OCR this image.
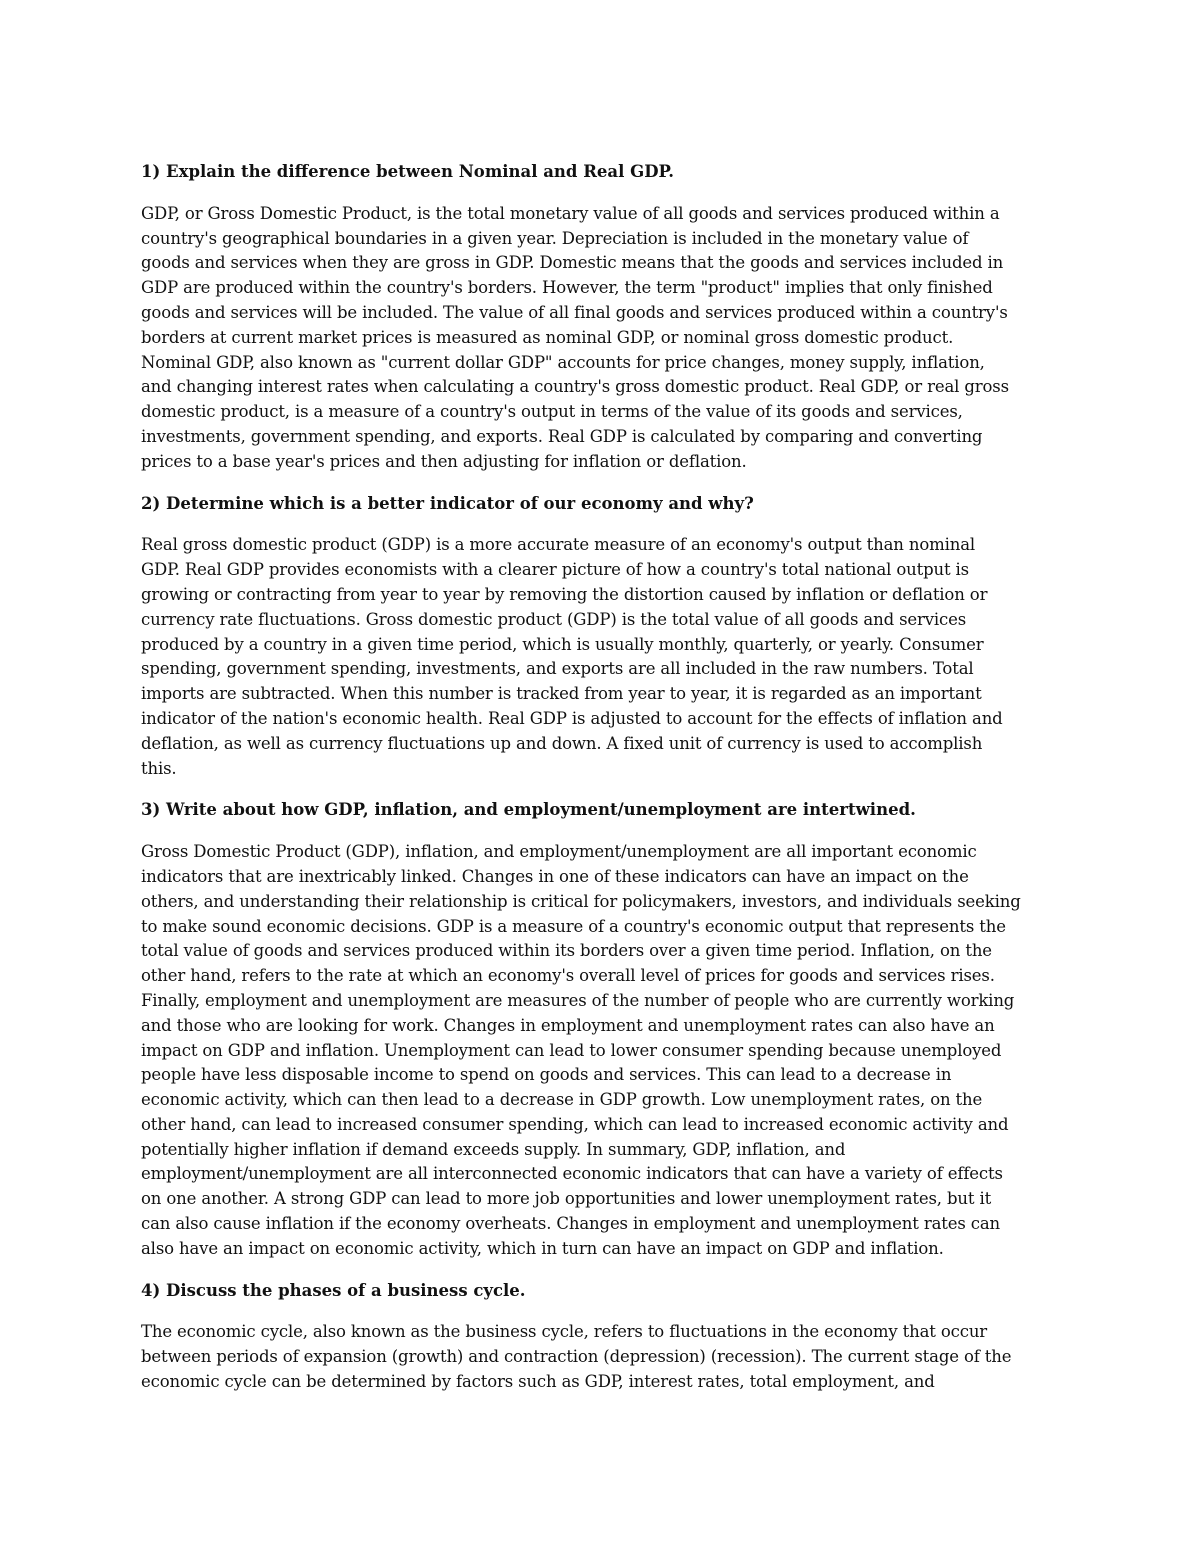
1) Explain the difference between Nominal and Real GDP.
GDP, or Gross Domestic Product, is the total monetary value of all goods and services produced within a
country's geographical boundaries in a given year. Depreciation is included in the monetary value of
goods and services when they are gross in GDP. Domestic means that the goods and services included in
GDP are produced within the country's borders. However, the term "product" implies that only finished
goods and services will be included. The value of all final goods and services produced within a country's
borders at current market prices is measured as nominal GDP, or nominal gross domestic product.
Nominal GDP, also known as "current dollar GDP" accounts for price changes, money supply, inflation,
and changing interest rates when calculating a country's gross domestic product. Real GDP, or real gross
domestic product, is a measure of a country's output in terms of the value of its goods and services,
investments, government spending, and exports. Real GDP is calculated by comparing and converting
prices to a base year's prices and then adjusting for inflation or deflation.
2) Determine which is a better indicator of our economy and why?
Real gross domestic product (GDP) is a more accurate measure of an economy's output than nominal
GDP. Real GDP provides economists with a clearer picture of how a country's total national output is
growing or contracting from year to year by removing the distortion caused by inflation or deflation or
currency rate fluctuations. Gross domestic product (GDP) is the total value of all goods and services
produced by a country in a given time period, which is usually monthly, quarterly, or yearly. Consumer
spending, government spending, investments, and exports are all included in the raw numbers. Total
imports are subtracted. When this number is tracked from year to year, it is regarded as an important
indicator of the nation's economic health. Real GDP is adjusted to account for the effects of inflation and
deflation, as well as currency fluctuations up and down. A fixed unit of currency is used to accomplish
this.
3) Write about how GDP, inflation, and employment/unemployment are intertwined.
Gross Domestic Product (GDP), inflation, and employment/unemployment are all important economic
indicators that are inextricably linked. Changes in one of these indicators can have an impact on the
others, and understanding their relationship is critical for policymakers, investors, and individuals seeking
to make sound economic decisions. GDP is a measure of a country's economic output that represents the
total value of goods and services produced within its borders over a given time period. Inflation, on the
other hand, refers to the rate at which an economy's overall level of prices for goods and services rises.
Finally, employment and unemployment are measures of the number of people who are currently working
and those who are looking for work. Changes in employment and unemployment rates can also have an
impact on GDP and inflation. Unemployment can lead to lower consumer spending because unemployed
people have less disposable income to spend on goods and services. This can lead to a decrease in
economic activity, which can then lead to a decrease in GDP growth. Low unemployment rates, on the
other hand, can lead to increased consumer spending, which can lead to increased economic activity and
potentially higher inflation if demand exceeds supply. In summary, GDP, inflation, and
employment/unemployment are all interconnected economic indicators that can have a variety of effects
on one another. A strong GDP can lead to more job opportunities and lower unemployment rates, but it
can also cause inflation if the economy overheats. Changes in employment and unemployment rates can
also have an impact on economic activity, which in turn can have an impact on GDP and inflation.
4) Discuss the phases of a business cycle.
The economic cycle, also known as the business cycle, refers to fluctuations in the economy that occur
between periods of expansion (growth) and contraction (depression) (recession). The current stage of the
economic cycle can be determined by factors such as GDP, interest rates, total employment, and
